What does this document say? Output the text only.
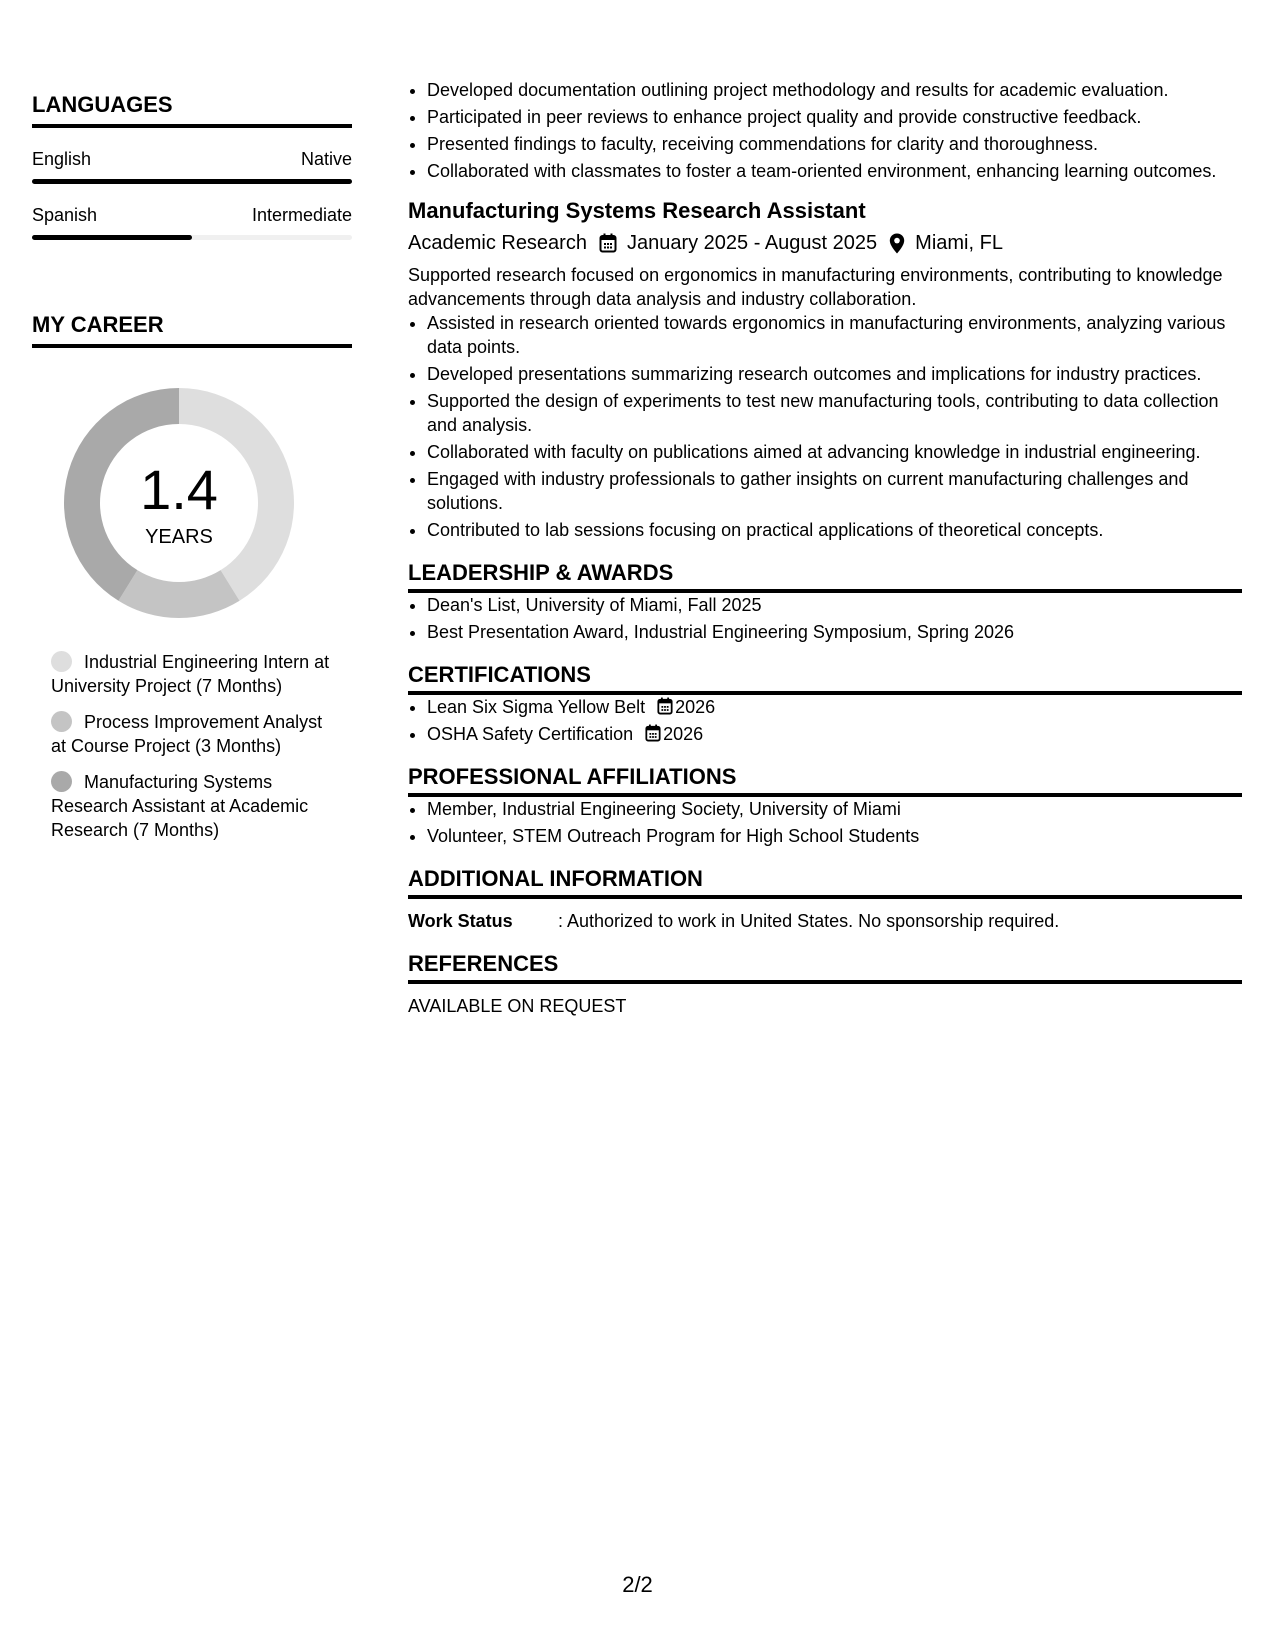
LANGUAGES
English	Native
Spanish	Intermediate
MY CAREER
1.4
YEARS
Industrial Engineering Intern at University Project (7 Months)
Process Improvement Analyst at Course Project (3 Months)
Manufacturing Systems Research Assistant at Academic Research (7 Months)
• Developed documentation outlining project methodology and results for academic evaluation.
• Participated in peer reviews to enhance project quality and provide constructive feedback.
• Presented findings to faculty, receiving commendations for clarity and thoroughness.
• Collaborated with classmates to foster a team-oriented environment, enhancing learning outcomes.
Manufacturing Systems Research Assistant
Academic Research January 2025 - August 2025 Miami, FL
Supported research focused on ergonomics in manufacturing environments, contributing to knowledge advancements through data analysis and industry collaboration.
• Assisted in research oriented towards ergonomics in manufacturing environments, analyzing various data points.
• Developed presentations summarizing research outcomes and implications for industry practices.
• Supported the design of experiments to test new manufacturing tools, contributing to data collection and analysis.
• Collaborated with faculty on publications aimed at advancing knowledge in industrial engineering.
• Engaged with industry professionals to gather insights on current manufacturing challenges and solutions.
• Contributed to lab sessions focusing on practical applications of theoretical concepts.
LEADERSHIP & AWARDS
• Dean's List, University of Miami, Fall 2025
• Best Presentation Award, Industrial Engineering Symposium, Spring 2026
CERTIFICATIONS
• Lean Six Sigma Yellow Belt 2026
• OSHA Safety Certification 2026
PROFESSIONAL AFFILIATIONS
• Member, Industrial Engineering Society, University of Miami
• Volunteer, STEM Outreach Program for High School Students
ADDITIONAL INFORMATION
Work Status	: Authorized to work in United States. No sponsorship required.
REFERENCES
AVAILABLE ON REQUEST
2/2
